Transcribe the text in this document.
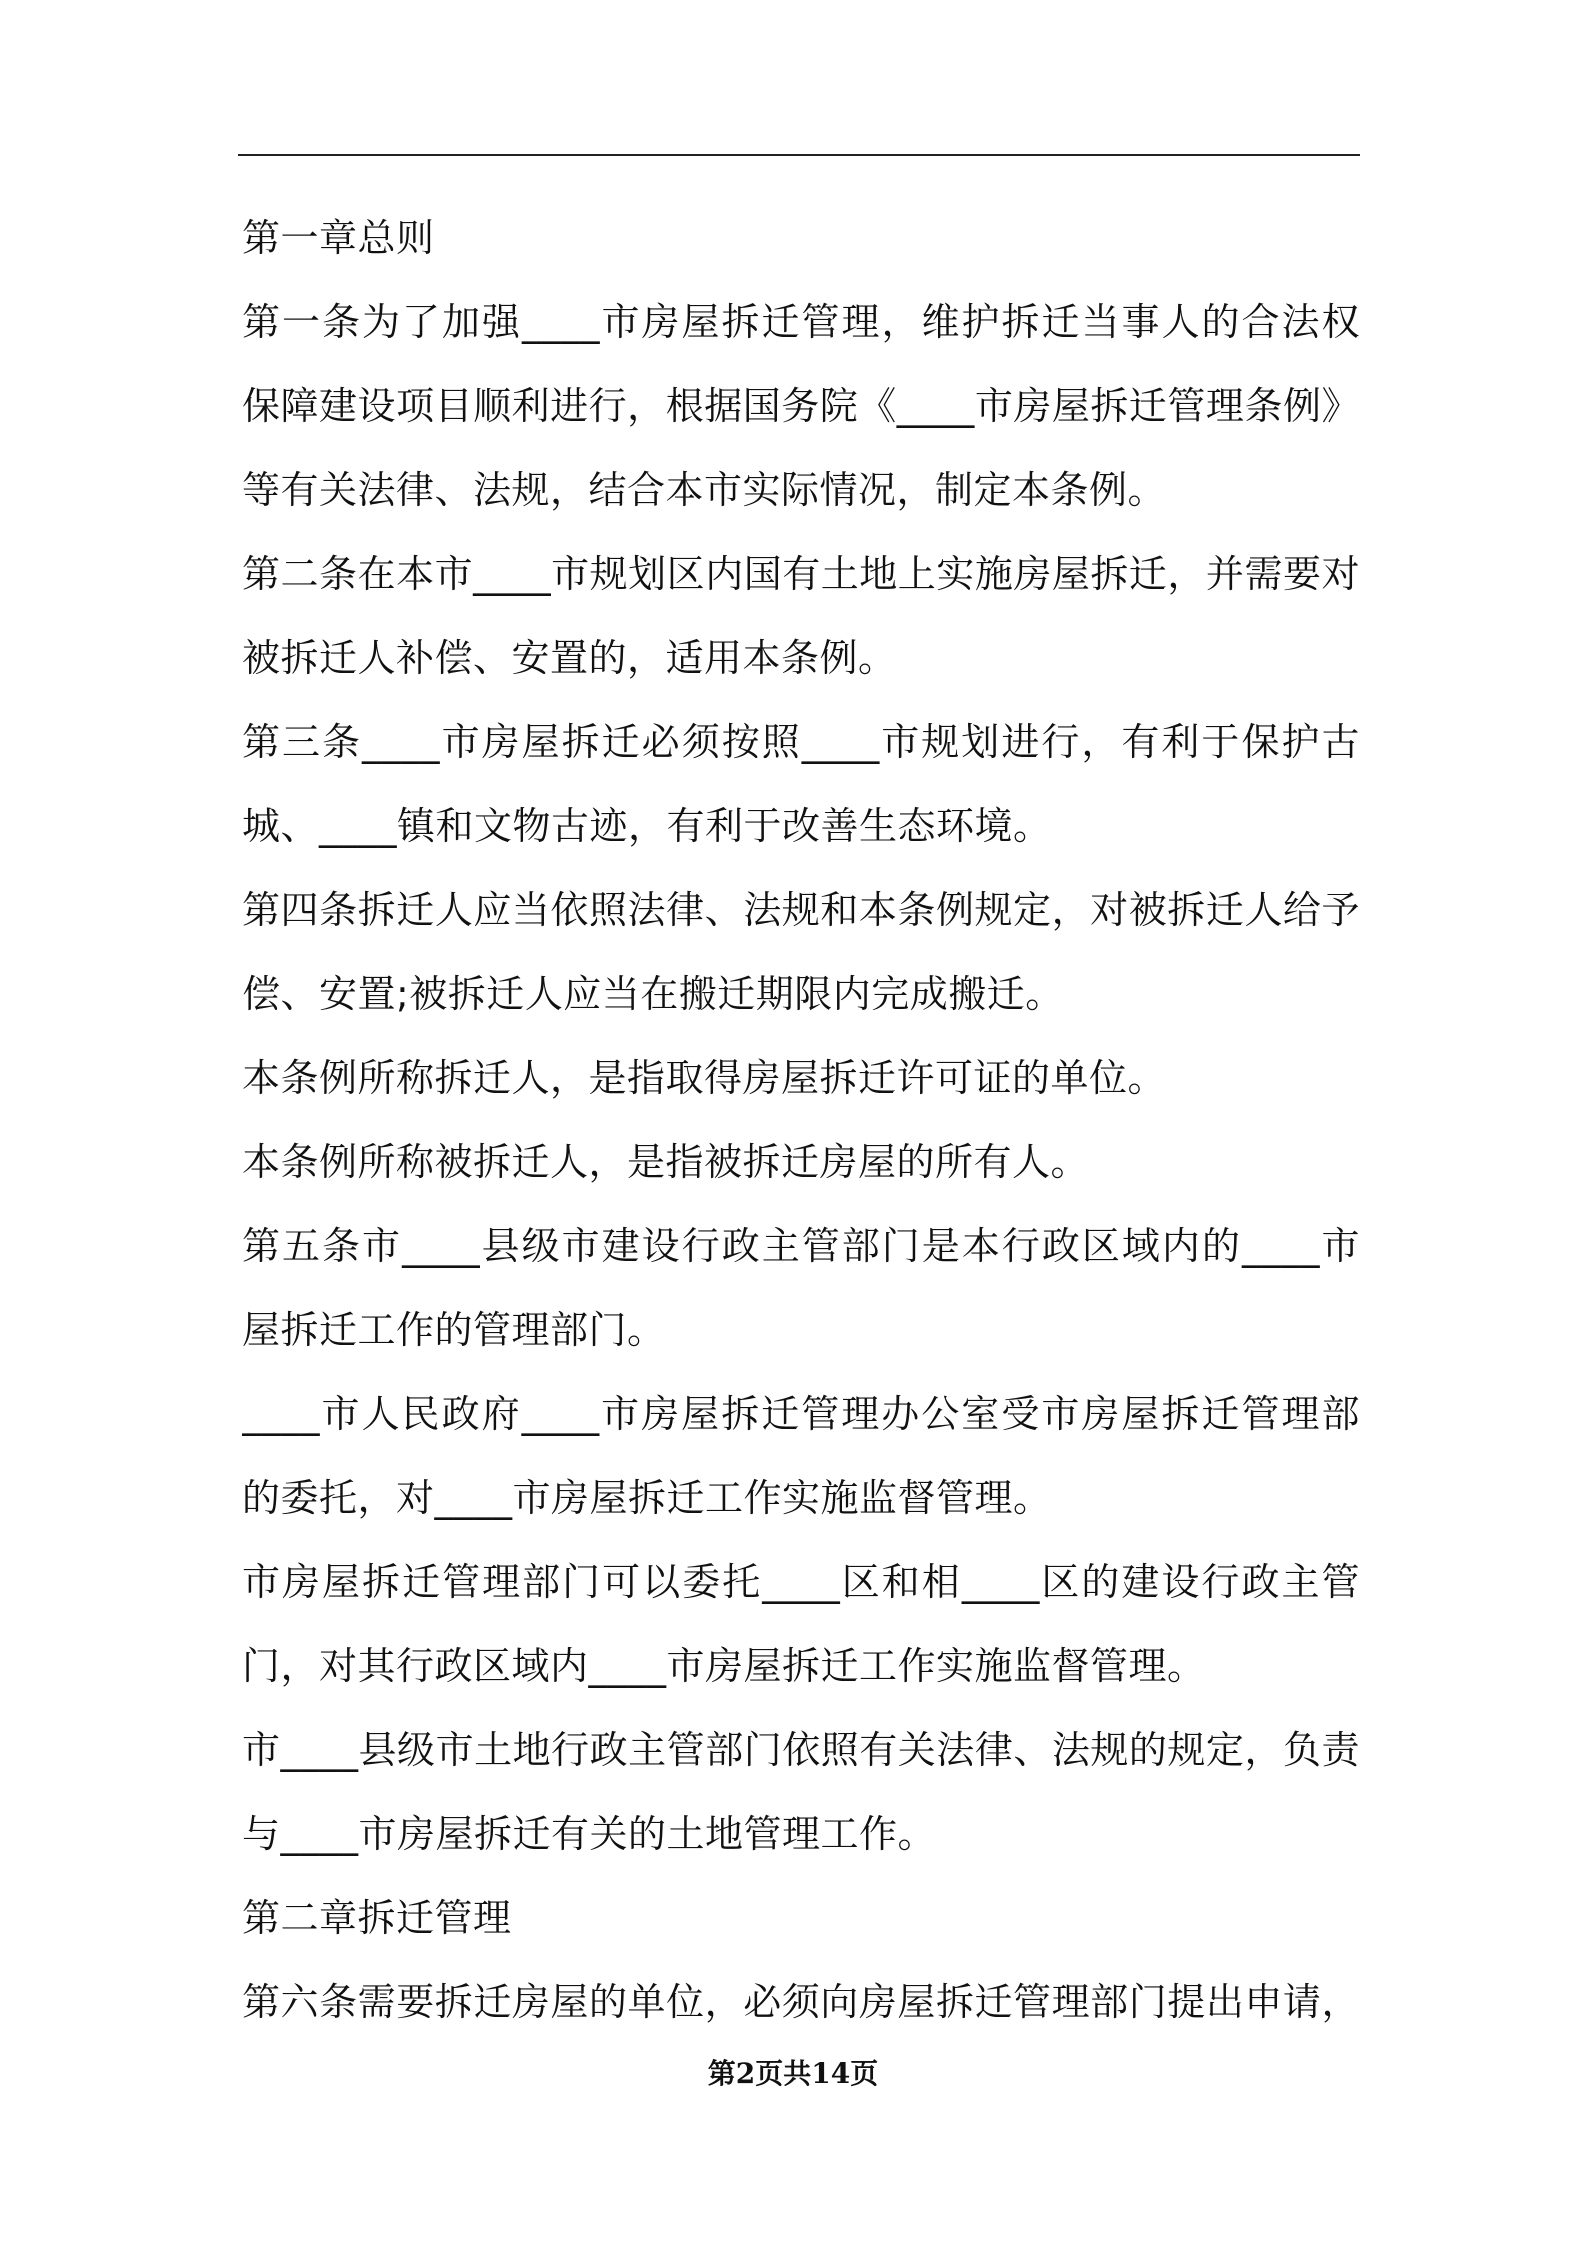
第一章总则
第一条为了加强____市房屋拆迁管理，维护拆迁当事人的合法权
保障建设项目顺利进行，根据国务院《____市房屋拆迁管理条例》
等有关法律、法规，结合本市实际情况，制定本条例。
第二条在本市____市规划区内国有土地上实施房屋拆迁，并需要对
被拆迁人补偿、安置的，适用本条例。
第三条____市房屋拆迁必须按照____市规划进行，有利于保护古
城、____镇和文物古迹，有利于改善生态环境。
第四条拆迁人应当依照法律、法规和本条例规定，对被拆迁人给予
偿、安置;被拆迁人应当在搬迁期限内完成搬迁。
本条例所称拆迁人，是指取得房屋拆迁许可证的单位。
本条例所称被拆迁人，是指被拆迁房屋的所有人。
第五条市____县级市建设行政主管部门是本行政区域内的____市
屋拆迁工作的管理部门。
____市人民政府____市房屋拆迁管理办公室受市房屋拆迁管理部
的委托，对____市房屋拆迁工作实施监督管理。
市房屋拆迁管理部门可以委托____区和相____区的建设行政主管
门，对其行政区域内____市房屋拆迁工作实施监督管理。
市____县级市土地行政主管部门依照有关法律、法规的规定，负责
与____市房屋拆迁有关的土地管理工作。
第二章拆迁管理
第六条需要拆迁房屋的单位，必须向房屋拆迁管理部门提出申请，
第2页共14页
